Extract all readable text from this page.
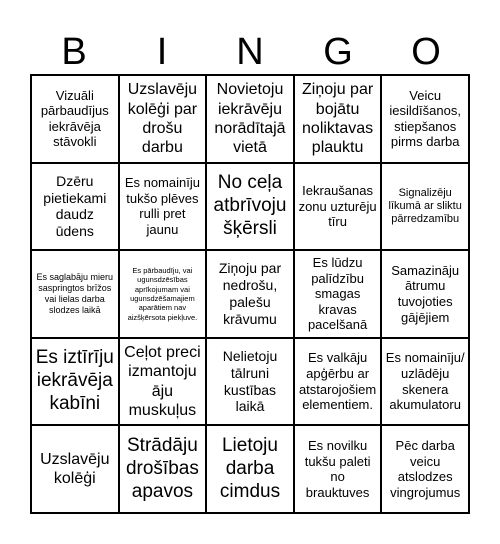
B	I	N	G	O
Vizuāli pārbaudījus iekrāvēja stāvokli
Uzslavēju kolēģi par drošu darbu
Novietoju iekrāvēju norādītajā vietā
Ziņoju par bojātu noliktavas plauktu
Veicu iesildīšanos, stiepšanos pirms darba
Dzēru pietiekami daudz ūdens
Es nomainīju tukšo plēves rulli pret jaunu
No ceļa atbrīvoju šķērsli
Iekraušanas zonu uzturēju tīru
Signalizēju līkumā ar sliktu pārredzamību
Es saglabāju mieru saspringtos brīžos vai lielas darba slodzes laikā
Es pārbaudīju, vai ugunsdzēsības aprīkojumam vai ugunsdzēšamajiem aparātiem nav aizšķērsota piekļuve.
Ziņoju par nedrošu, palešu krāvumu
Es lūdzu palīdzību smagas kravas pacelšanā
Samazināju ātrumu tuvojoties gājējiem
Es iztīrīju iekrāvēja kabīni
Ceļot preci izmantoju āju muskuļus
Nelietoju tālruni kustības laikā
Es valkāju apģērbu ar atstarojošiem elementiem.
Es nomainīju/ uzlādēju skenera akumulatoru
Uzslavēju kolēģi
Strādāju drošības apavos
Lietoju darba cimdus
Es novilku tukšu paleti no brauktuves
Pēc darba veicu atslodzes vingrojumus
